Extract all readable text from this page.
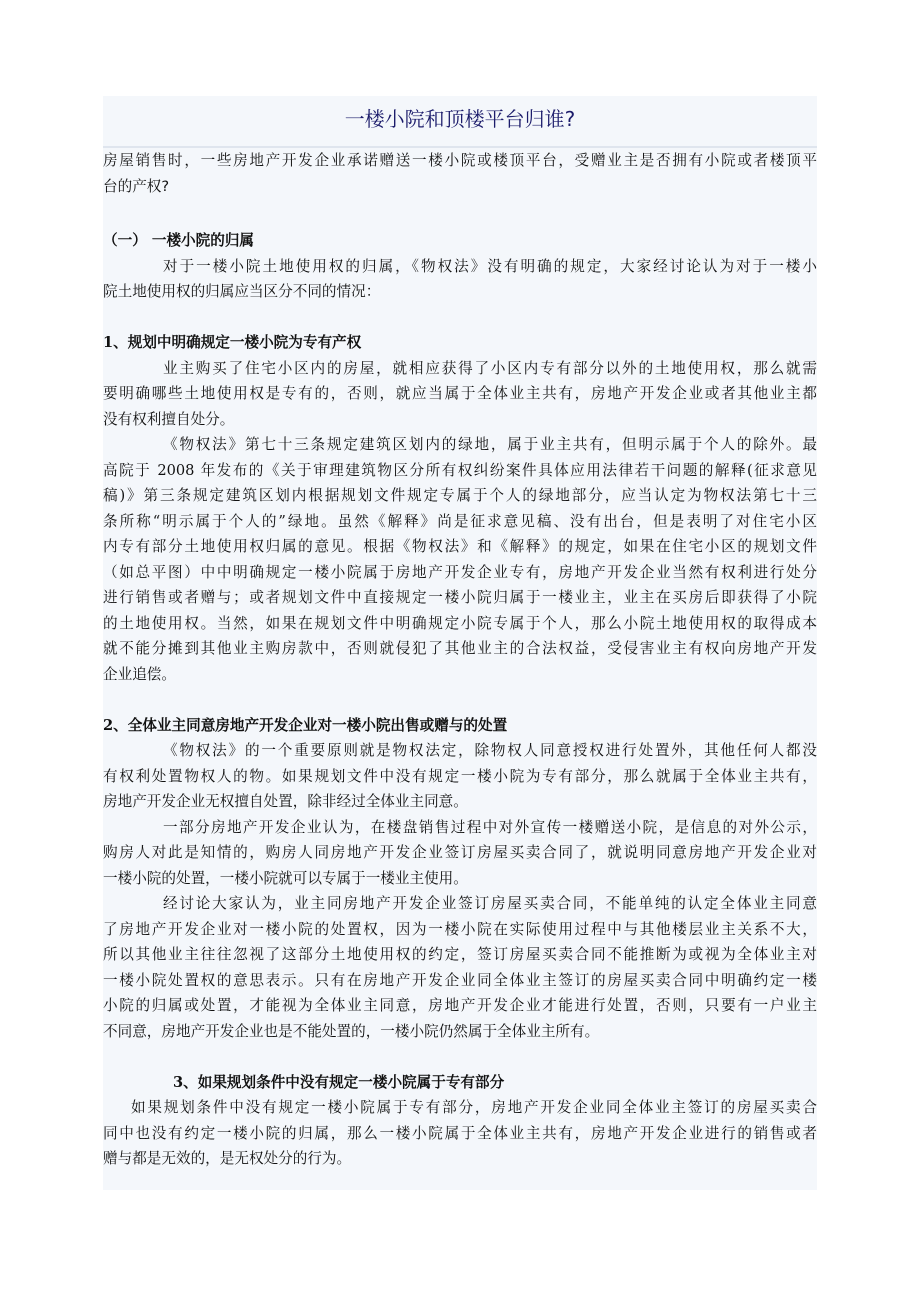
一楼小院和顶楼平台归谁?
房屋销售时，一些房地产开发企业承诺赠送一楼小院或楼顶平台，受赠业主是否拥有小院或者楼顶平
台的产权?
（一） 一楼小院的归属
对于一楼小院土地使用权的归属，《物权法》没有明确的规定，大家经讨论认为对于一楼小
院土地使用权的归属应当区分不同的情况：
1、规划中明确规定一楼小院为专有产权
业主购买了住宅小区内的房屋，就相应获得了小区内专有部分以外的土地使用权，那么就需
要明确哪些土地使用权是专有的，否则，就应当属于全体业主共有，房地产开发企业或者其他业主都
没有权利擅自处分。
《物权法》第七十三条规定建筑区划内的绿地，属于业主共有，但明示属于个人的除外。最
高院于 2008 年发布的《关于审理建筑物区分所有权纠纷案件具体应用法律若干问题的解释(征求意见
稿)》第三条规定建筑区划内根据规划文件规定专属于个人的绿地部分，应当认定为物权法第七十三
条所称“明示属于个人的”绿地。虽然《解释》尚是征求意见稿、没有出台，但是表明了对住宅小区
内专有部分土地使用权归属的意见。根据《物权法》和《解释》的规定，如果在住宅小区的规划文件
（如总平图）中中明确规定一楼小院属于房地产开发企业专有，房地产开发企业当然有权利进行处分
进行销售或者赠与；或者规划文件中直接规定一楼小院归属于一楼业主，业主在买房后即获得了小院
的土地使用权。当然，如果在规划文件中明确规定小院专属于个人，那么小院土地使用权的取得成本
就不能分摊到其他业主购房款中，否则就侵犯了其他业主的合法权益，受侵害业主有权向房地产开发
企业追偿。
2、全体业主同意房地产开发企业对一楼小院出售或赠与的处置
《物权法》的一个重要原则就是物权法定，除物权人同意授权进行处置外，其他任何人都没
有权利处置物权人的物。如果规划文件中没有规定一楼小院为专有部分，那么就属于全体业主共有，
房地产开发企业无权擅自处置，除非经过全体业主同意。
一部分房地产开发企业认为，在楼盘销售过程中对外宣传一楼赠送小院，是信息的对外公示，
购房人对此是知情的，购房人同房地产开发企业签订房屋买卖合同了，就说明同意房地产开发企业对
一楼小院的处置，一楼小院就可以专属于一楼业主使用。
经讨论大家认为，业主同房地产开发企业签订房屋买卖合同，不能单纯的认定全体业主同意
了房地产开发企业对一楼小院的处置权，因为一楼小院在实际使用过程中与其他楼层业主关系不大，
所以其他业主往往忽视了这部分土地使用权的约定，签订房屋买卖合同不能推断为或视为全体业主对
一楼小院处置权的意思表示。只有在房地产开发企业同全体业主签订的房屋买卖合同中明确约定一楼
小院的归属或处置，才能视为全体业主同意，房地产开发企业才能进行处置，否则，只要有一户业主
不同意，房地产开发企业也是不能处置的，一楼小院仍然属于全体业主所有。
3、如果规划条件中没有规定一楼小院属于专有部分
如果规划条件中没有规定一楼小院属于专有部分，房地产开发企业同全体业主签订的房屋买卖合
同中也没有约定一楼小院的归属，那么一楼小院属于全体业主共有，房地产开发企业进行的销售或者
赠与都是无效的，是无权处分的行为。
